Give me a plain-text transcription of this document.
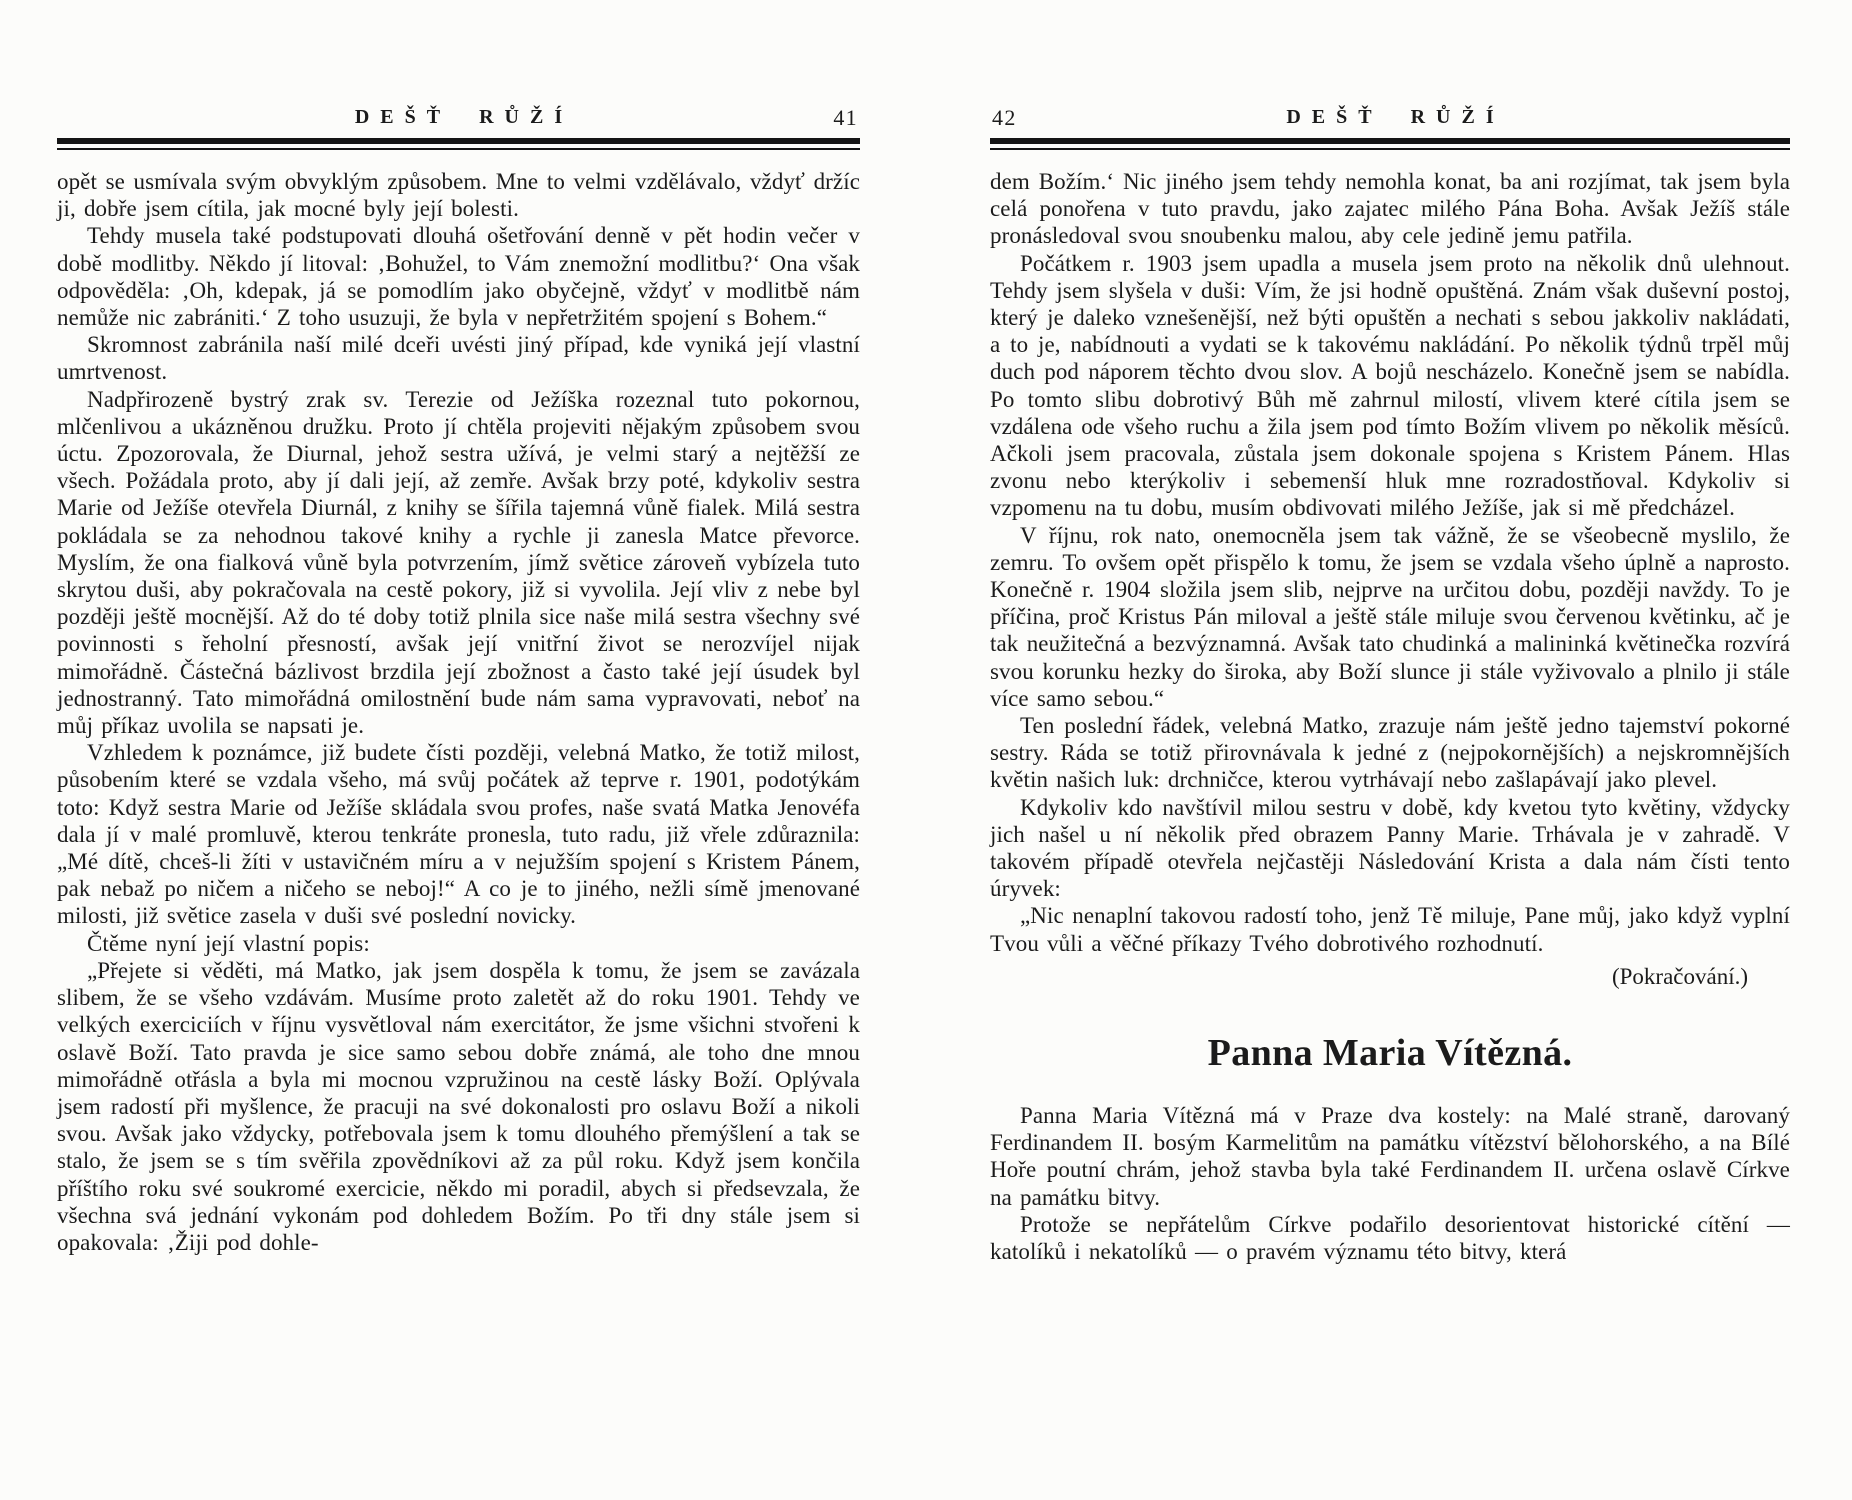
DEŠŤ RŮŽÍ	41

opět se usmívala svým obvyklým způsobem. Mne to velmi vzdělávalo, vždyť držíc ji, dobře jsem cítila, jak mocné byly její bolesti.

Tehdy musela také podstupovati dlouhá ošetřování denně v pět hodin večer v době modlitby. Někdo jí litoval: ‚Bohužel, to Vám znemožní modlitbu?‘ Ona však odpověděla: ‚Oh, kdepak, já se pomodlím jako obyčejně, vždyť v modlitbě nám nemůže nic zabrániti.‘ Z toho usuzuji, že byla v nepřetržitém spojení s Bohem.“

Skromnost zabránila naší milé dceři uvésti jiný případ, kde vyniká její vlastní umrtvenost.

Nadpřirozeně bystrý zrak sv. Terezie od Ježíška rozeznal tuto pokornou, mlčenlivou a ukázněnou družku. Proto jí chtěla projeviti nějakým způsobem svou úctu. Zpozorovala, že Diurnal, jehož sestra užívá, je velmi starý a nejtěžší ze všech. Požádala proto, aby jí dali její, až zemře. Avšak brzy poté, kdykoliv sestra Marie od Ježíše otevřela Diurnál, z knihy se šířila tajemná vůně fialek. Milá sestra pokládala se za nehodnou takové knihy a rychle ji zanesla Matce převorce. Myslím, že ona fialková vůně byla potvrzením, jímž světice zároveň vybízela tuto skrytou duši, aby pokračovala na cestě pokory, již si vyvolila. Její vliv z nebe byl později ještě mocnější. Až do té doby totiž plnila sice naše milá sestra všechny své povinnosti s řeholní přesností, avšak její vnitřní život se nerozvíjel nijak mimořádně. Částečná bázlivost brzdila její zbožnost a často také její úsudek byl jednostranný. Tato mimořádná omilostnění bude nám sama vypravovati, neboť na můj příkaz uvolila se napsati je.

Vzhledem k poznámce, již budete čísti později, velebná Matko, že totiž milost, působením které se vzdala všeho, má svůj počátek až teprve r. 1901, podotýkám toto: Když sestra Marie od Ježíše skládala svou profes, naše svatá Matka Jenovéfa dala jí v malé promluvě, kterou tenkráte pronesla, tuto radu, již vřele zdůraznila: „Mé dítě, chceš-li žíti v ustavičném míru a v nejužším spojení s Kristem Pánem, pak nebaž po ničem a ničeho se neboj!“ A co je to jiného, nežli símě jmenované milosti, již světice zasela v duši své poslední novicky.

Čtěme nyní její vlastní popis:

„Přejete si věděti, má Matko, jak jsem dospěla k tomu, že jsem se zavázala slibem, že se všeho vzdávám. Musíme proto zaletět až do roku 1901. Tehdy ve velkých exerciciích v říjnu vysvětloval nám exercitátor, že jsme všichni stvořeni k oslavě Boží. Tato pravda je sice samo sebou dobře známá, ale toho dne mnou mimořádně otřásla a byla mi mocnou vzpružinou na cestě lásky Boží. Oplývala jsem radostí při myšlence, že pracuji na své dokonalosti pro oslavu Boží a nikoli svou. Avšak jako vždycky, potřebovala jsem k tomu dlouhého přemýšlení a tak se stalo, že jsem se s tím svěřila zpovědníkovi až za půl roku. Když jsem končila příštího roku své soukromé exercicie, někdo mi poradil, abych si předsevzala, že všechna svá jednání vykonám pod dohledem Božím. Po tři dny stále jsem si opakovala: ‚Žiji pod dohle-

DEŠŤ RŮŽÍ
42

dem Božím.‘ Nic jiného jsem tehdy nemohla konat, ba ani rozjímat, tak jsem byla celá ponořena v tuto pravdu, jako zajatec milého Pána Boha. Avšak Ježíš stále pronásledoval svou snoubenku malou, aby cele jedině jemu patřila.

Počátkem r. 1903 jsem upadla a musela jsem proto na několik dnů ulehnout. Tehdy jsem slyšela v duši: Vím, že jsi hodně opuštěná. Znám však duševní postoj, který je daleko vznešenější, než býti opuštěn a nechati s sebou jakkoliv nakládati, a to je, nabídnouti a vydati se k takovému nakládání. Po několik týdnů trpěl můj duch pod náporem těchto dvou slov. A bojů nescházelo. Konečně jsem se nabídla. Po tomto slibu dobrotivý Bůh mě zahrnul milostí, vlivem které cítila jsem se vzdálena ode všeho ruchu a žila jsem pod tímto Božím vlivem po několik měsíců. Ačkoli jsem pracovala, zůstala jsem dokonale spojena s Kristem Pánem. Hlas zvonu nebo kterýkoliv i sebemenší hluk mne rozradostňoval. Kdykoliv si vzpomenu na tu dobu, musím obdivovati milého Ježíše, jak si mě předcházel.

V říjnu, rok nato, onemocněla jsem tak vážně, že se všeobecně myslilo, že zemru. To ovšem opět přispělo k tomu, že jsem se vzdala všeho úplně a naprosto. Konečně r. 1904 složila jsem slib, nejprve na určitou dobu, později navždy. To je příčina, proč Kristus Pán miloval a ještě stále miluje svou červenou květinku, ač je tak neužitečná a bezvýznamná. Avšak tato chudinká a malininká květinečka rozvírá svou korunku hezky do široka, aby Boží slunce ji stále vyživovalo a plnilo ji stále více samo sebou.“

Ten poslední řádek, velebná Matko, zrazuje nám ještě jedno tajemství pokorné sestry. Ráda se totiž přirovnávala k jedné z (nejpokornějších) a nejskromnějších květin našich luk: drchničce, kterou vytrhávají nebo zašlapávají jako plevel.

Kdykoliv kdo navštívil milou sestru v době, kdy kvetou tyto květiny, vždycky jich našel u ní několik před obrazem Panny Marie. Trhávala je v zahradě. V takovém případě otevřela nejčastěji Následování Krista a dala nám čísti tento úryvek:

„Nic nenaplní takovou radostí toho, jenž Tě miluje, Pane můj, jako když vyplní Tvou vůli a věčné příkazy Tvého dobrotivého rozhodnutí.

(Pokračování.)
Panna Maria Vítězná.

Panna Maria Vítězná má v Praze dva kostely: na Malé straně, darovaný Ferdinandem II. bosým Karmelitům na památku vítězství bělohorského, a na Bílé Hoře poutní chrám, jehož stavba byla také Ferdinandem II. určena oslavě Církve na památku bitvy.

Protože se nepřátelům Církve podařilo desorientovat historické cítění — katolíků i nekatolíků — o pravém významu této bitvy, která
